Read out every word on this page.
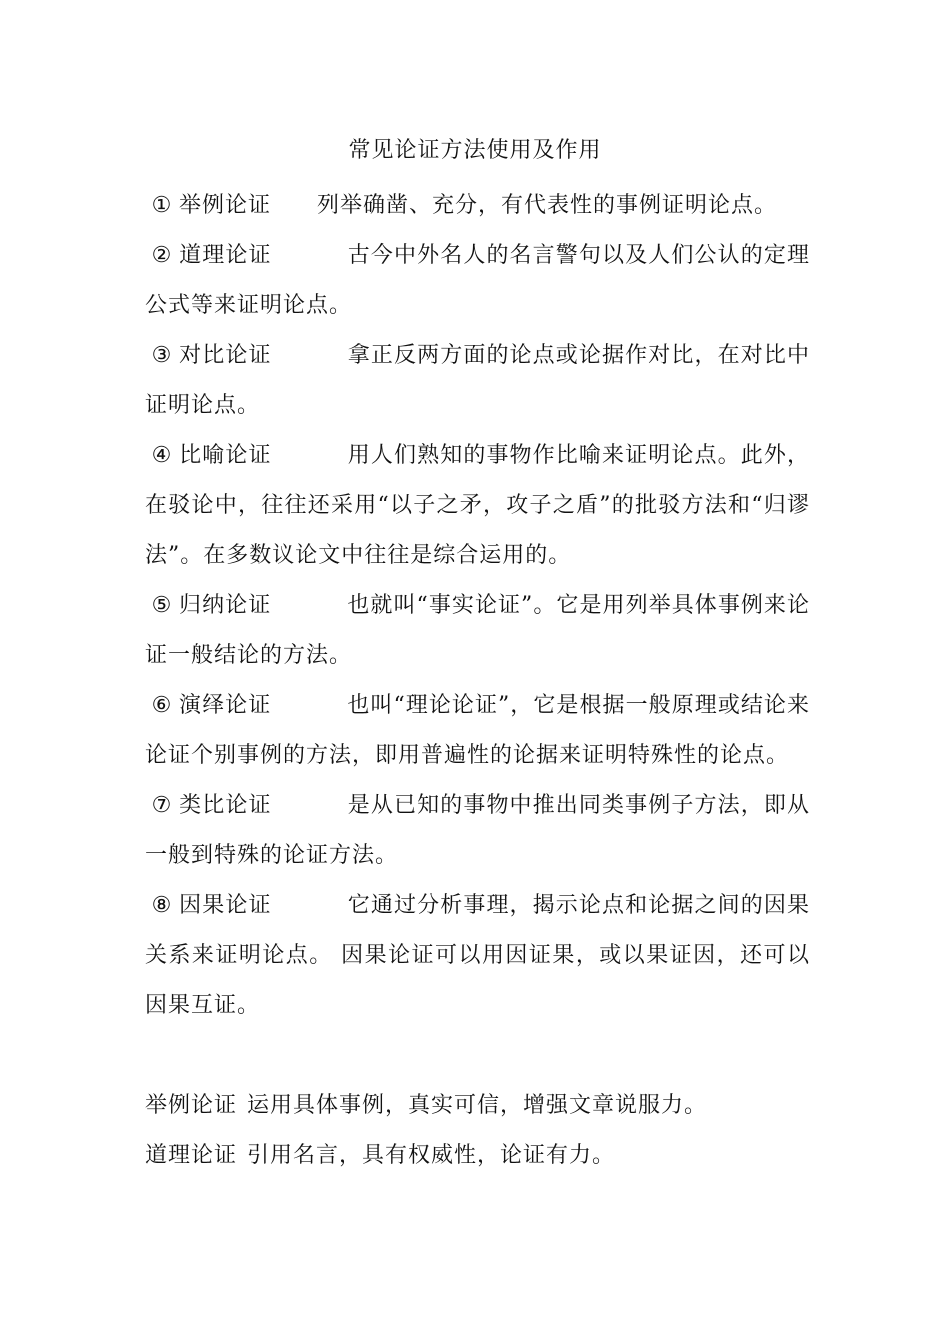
常见论证方法使用及作用

① 举例论证 列举确凿、充分，有代表性的事例证明论点。

② 道理论证	古今中外名人的名言警句以及人们公认的定理公式等来证明论点。

③ 对比论证	拿正反两方面的论点或论据作对比，在对比中证明论点。

④ 比喻论证	用人们熟知的事物作比喻来证明论点。此外，在驳论中，往往还采用“以子之矛，攻子之盾”的批驳方法和“归谬法”。在多数议论文中往往是综合运用的。

⑤ 归纳论证	也就叫“事实论证”。它是用列举具体事例来论证一般结论的方法。

⑥ 演绎论证	也叫“理论论证”，它是根据一般原理或结论来论证个别事例的方法，即用普遍性的论据来证明特殊性的论点。

⑦ 类比论证	是从已知的事物中推出同类事例子方法，即从一般到特殊的论证方法。

⑧ 因果论证	它通过分析事理，揭示论点和论据之间的因果关系来证明论点。 因果论证可以用因证果，或以果证因，还可以因果互证。

举例论证 运用具体事例，真实可信，增强文章说服力。

道理论证 引用名言，具有权威性，论证有力。
